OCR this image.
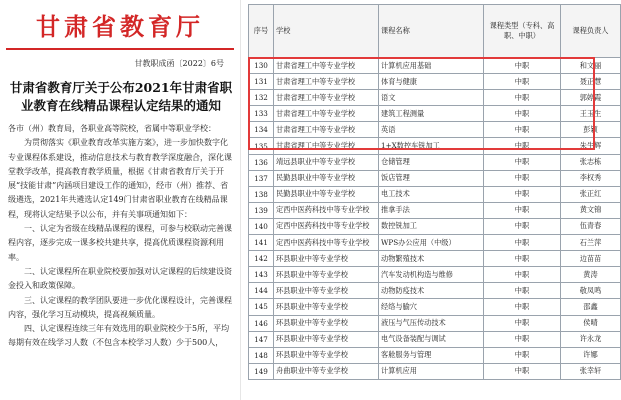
甘肃省教育厅
甘教职成函〔2022〕6号
甘肃省教育厅关于公布2021年甘肃省职业教育在线精品课程认定结果的通知

各市（州）教育局，各职业高等院校，省属中等职业学校：

为贯彻落实《职业教育改革实施方案》，进一步加快数字化专业课程体系建设，推动信息技术与教育教学深度融合，深化课堂教学改革，提高教育教学质量，根据《甘肃省教育厅关于开展“技能甘肃”内涵项目建设工作的通知》，经市（州）推荐、省级遴选，2021年共遴选认定149门甘肃省职业教育在线精品课程，现将认定结果予以公布，并有关事项通知如下：

一、认定为省级在线精品课程的课程，可参与校联动完善课程内容，逐步完成一课多校共建共享，提高优质课程资源利用率。

二、认定课程所在职业院校要加强对认定课程的后续建设资金投入和政策保障。

三、认定课程的教学团队要进一步优化课程设计，完善课程内容，强化学习互动模块，提高视频质量。

四、认定课程连续三年有效选用的职业院校少于5所，平均每期有效在线学习人数（不包含本校学习人数）少于500人，

序号	学校	课程名称	课程类型（专科、高职、中职）	课程负责人
130	甘肃省理工中等专业学校	计算机应用基础	中职	和文丽
131	甘肃省理工中等专业学校	体育与健康	中职	聂正慧
132	甘肃省理工中等专业学校	语文	中职	郭婷霞
133	甘肃省理工中等专业学校	建筑工程测量	中职	王玉生
134	甘肃省理工中等专业学校	英语	中职	彭颖
135	甘肃省理工中等专业学校	1+X数控车铣加工	中职	朱生辉
136	靖远县职业中等专业学校	仓储管理	中职	张志栋
137	民勤县职业中等专业学校	饭店管理	中职	李权秀
138	民勤县职业中等专业学校	电工技术	中职	张正红
139	定西中医药科技中等专业学校	推拿手法	中职	黄文锦
140	定西中医药科技中等专业学校	数控铣加工	中职	伍青春
141	定西中医药科技中等专业学校	WPS办公应用（中级）	中职	石兰萍
142	环县职业中等专业学校	动物繁殖技术	中职	边苗苗
143	环县职业中等专业学校	汽车发动机构造与维修	中职	黄涛
144	环县职业中等专业学校	动物防疫技术	中职	敬凤鸣
145	环县职业中等专业学校	经络与腧穴	中职	邵鑫
146	环县职业中等专业学校	液压与气压传动技术	中职	侯晴
147	环县职业中等专业学校	电气设备装配与调试	中职	许永龙
148	环县职业中等专业学校	客舱服务与管理	中职	许娜
149	舟曲职业中等专业学校	计算机应用	中职	张幸轩
